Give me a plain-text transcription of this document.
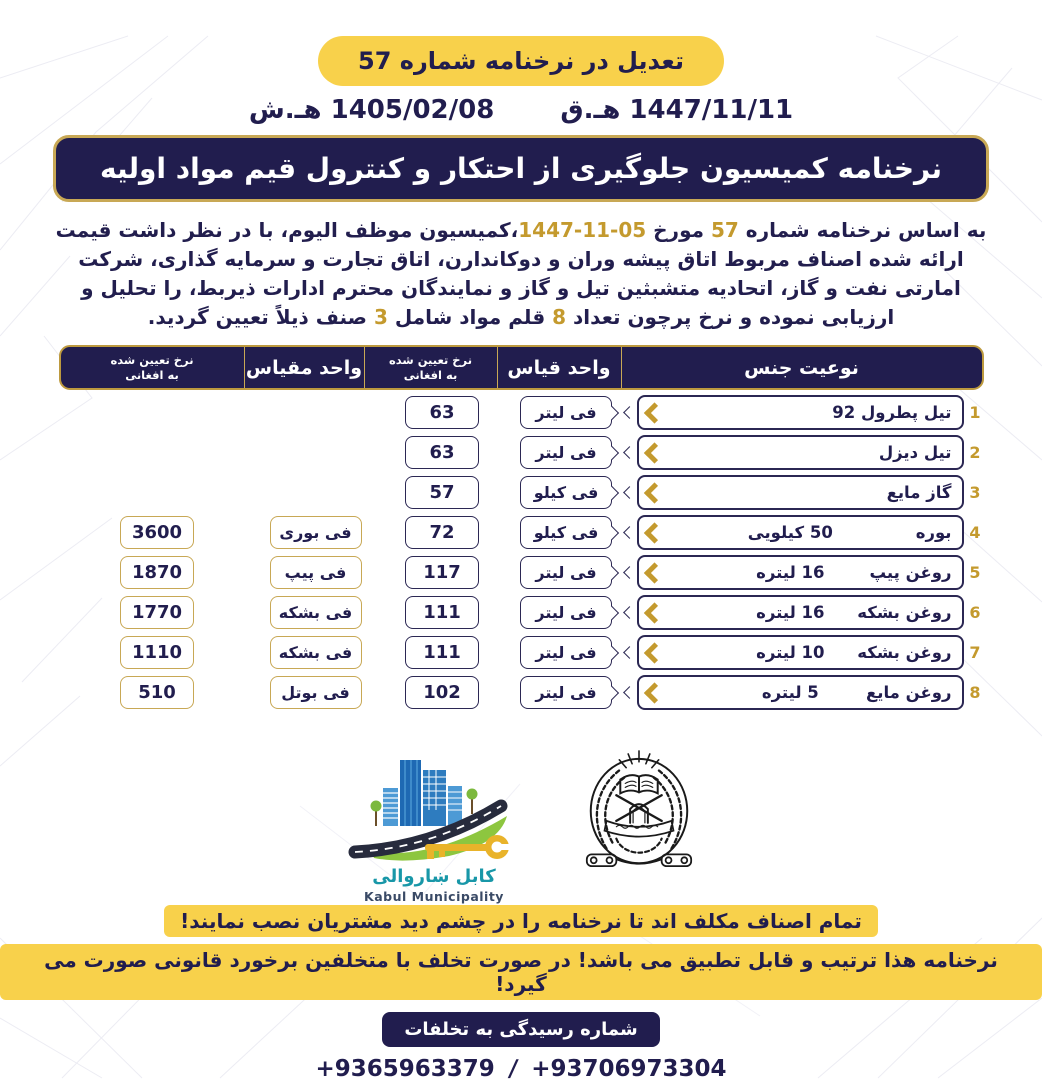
تعدیل در نرخنامه شماره 57
1447/11/11 هـ.ق
1405/02/08 هـ.ش
نرخنامه کمیسیون جلوگیری از احتکار و کنترول قیم مواد اولیه

به اساس نرخنامه شماره 57 مورخ 1447-11-05،کمیسیون موظف الیوم، با در نظر داشت قیمت ارائه شده اصناف مربوط اتاق پیشه وران و دوکاندارن، اتاق تجارت و سرمایه گذاری، شرکت امارتی نفت و گاز، اتحادیه متشبثین تیل و گاز و نمایندگان محترم ادارات ذیربط، را تحلیل و ارزیابی نموده و نرخ پرچون تعداد 8 قلم مواد شامل 3 صنف ذیلاً تعیین گردید.

نوعیت جنس
واحد قیاس
نرخ تعیین شده
به افغانی
واحد مقیاس
نرخ تعیین شده
به افغانی
1
تیل پطرول 92
فی لیتر
63
2
تیل دیزل
فی لیتر
63
3
گاز مایع
فی کیلو
57
4
بوره
50 کیلویی
فی کیلو
72
فی بوری
3600
5
روغن پیپ
16 لیتره
فی لیتر
117
فی پیپ
1870
6
روغن بشکه
16 لیتره
فی لیتر
111
فی بشکه
1770
7
روغن بشکه
10 لیتره
فی لیتر
111
فی بشکه
1110
8
روغن مایع
5 لیتره
فی لیتر
102
فی بوتل
510
کابل ښاروالی
Kabul Municipality
تمام اصناف مکلف اند تا نرخنامه را در چشم دید مشتریان نصب نمایند!
نرخنامه هذا ترتیب و قابل تطبیق می باشد! در صورت تخلف با متخلفین برخورد قانونی صورت می گیرد!
شماره رسیدگی به تخلفات
+9365963379 / +93706973304
